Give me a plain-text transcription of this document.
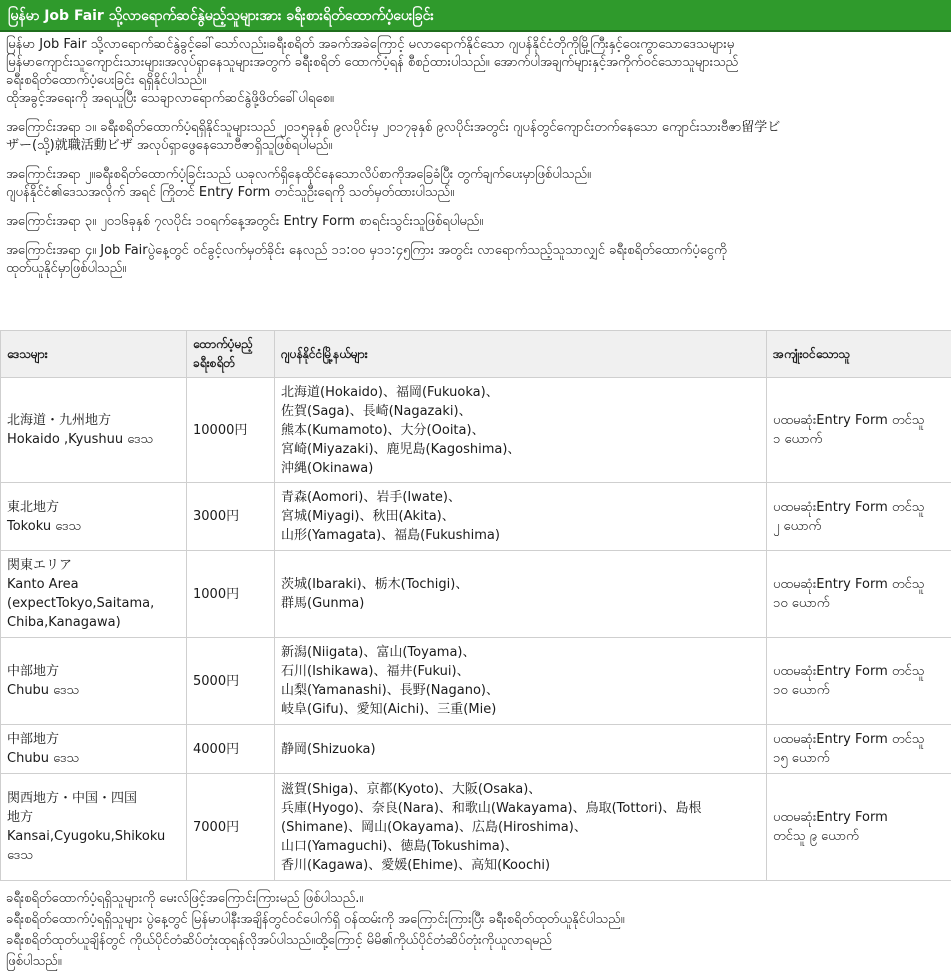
မြန်မာ Job Fair သို့လာရောက်ဆင်နွဲမည့်သူများအား ခရီးစားရိတ်ထောက်ပံ့ပေးခြင်း

မြန်မာ Job Fair သို့လာရောက်ဆင်နွဲခွင့်ခေါ်သော်လည်း၊ခရီးစရိတ် အခက်အခဲကြောင့် မလာရောက်နိုင်သော ဂျပန်နိုင်ငံတိုကိုမြို့ကြီးနှင့်ဝေးကွာသောဒေသများမှ
မြန်မာကျောင်းသူကျောင်းသားများ၊အလုပ်ရှာနေသူများအတွက် ခရီးစရိတ် ထောက်ပံ့ရန် စီစဉ်ထားပါသည်။ အောက်ပါအချက်များနှင့်အကိုက်ဝင်သောသူများသည်
ခရီးစရိတ်ထောက်ပံ့ပေးခြင်း ရရှိနိုင်ပါသည်။
ထိုအခွင့်အရေးကို အရယူပြီး သေချာလာရောက်ဆင်နွဲဖို့ဖိတ်ခေါ်ပါရစေ။

အကြောင်းအရာ ၁။ ခရီးစရိတ်ထောက်ပံ့ရရှိနိုင်သူများသည် ၂၀၁၅ခုနှစ် ၉လပိုင်းမှ ၂၀၁၇ခုနှစ် ၉လပိုင်းအတွင်း ဂျပန်တွင်ကျောင်းတက်နေသော ကျောင်းသားဗီဇာ留学ビ
ザー(သို့)就職活動ビザ အလုပ်ရှာဖွေနေသောဗီဇာရှိသူဖြစ်ရပါမည်။

အကြောင်းအရာ ၂။ခရီးစရိတ်ထောက်ပံ့ခြင်းသည် ယခုလက်ရှိနေထိုင်နေသောလိပ်စာကိုအခြေခံပြီး တွက်ချက်ပေးမှာဖြစ်ပါသည်။
ဂျပန်နိုင်ငံ၏ဒေသအလိုက် အရင် ကြိုတင် Entry Form တင်သူဦးရေကို သတ်မှတ်ထားပါသည်။

အကြောင်းအရာ ၃။ ၂၀၁၆ခုနှစ် ၇လပိုင်း ၁၀ရက်နေ့အတွင်း Entry Form စာရင်းသွင်းသူဖြစ်ရပါမည်။

အကြောင်းအရာ ၄။ Job Fairပွဲနေ့တွင် ဝင်ခွင့်လက်မှတ်ခိုင်း နေလည် ၁၁:၀၀ မှ၁၁:၄၅ကြား အတွင်း လာရောက်သည့်သူသာလျှင် ခရီးစရိတ်ထောက်ပံ့ငွေကို
ထုတ်ယူနိုင်မှာဖြစ်ပါသည်။

ဒေသများ	ထောက်ပံ့မည့် ခရီးစရိတ်	ဂျပန်နိုင်ငံမြို့နယ်များ	အကျုံးဝင်သောသူ

北海道・九州地方
Hokaido ,Kyushuu ဒေသ	10000円	北海道(Hokaido)、福岡(Fukuoka)、
佐賀(Saga)、長崎(Nagazaki)、
熊本(Kumamoto)、大分(Ooita)、
宮崎(Miyazaki)、鹿児島(Kagoshima)、
沖縄(Okinawa)	ပထမဆုံးEntry Form တင်သူ
၁ ယောက်

東北地方
Tokoku ဒေသ	3000円	青森(Aomori)、岩手(Iwate)、
宮城(Miyagi)、秋田(Akita)、
山形(Yamagata)、福島(Fukushima)	ပထမဆုံးEntry Form တင်သူ
၂ ယောက်

関東エリア
Kanto Area
(expectTokyo,Saitama,
Chiba,Kanagawa)	1000円	茨城(Ibaraki)、栃木(Tochigi)、
群馬(Gunma)	ပထမဆုံးEntry Form တင်သူ
၁၀ ယောက်

中部地方
Chubu ဒေသ	5000円	新潟(Niigata)、富山(Toyama)、
石川(Ishikawa)、福井(Fukui)、
山梨(Yamanashi)、長野(Nagano)、
岐阜(Gifu)、愛知(Aichi)、三重(Mie)	ပထမဆုံးEntry Form တင်သူ
၁၀ ယောက်

中部地方
Chubu ဒေသ	4000円	静岡(Shizuoka)	ပထမဆုံးEntry Form တင်သူ
၁၅ ယောက်

関西地方・中国・四国
地方
Kansai,Cyugoku,Shikoku
ဒေသ	7000円	滋賀(Shiga)、京都(Kyoto)、大阪(Osaka)、
兵庫(Hyogo)、奈良(Nara)、和歌山(Wakayama)、鳥取(Tottori)、島根
(Shimane)、岡山(Okayama)、広島(Hiroshima)、
山口(Yamaguchi)、徳島(Tokushima)、
香川(Kagawa)、愛媛(Ehime)、高知(Koochi)	ပထမဆုံးEntry Form
တင်သူ ၉ ယောက်
ခရီးစရိတ်ထောက်ပံ့ရရှိသူများကို မေးလ်ဖြင့်အကြောင်းကြားမည် ဖြစ်ပါသည်.။
ခရီးစရိတ်ထောက်ပံ့ရရှိသူများ ပွဲနေ့တွင် မြန်မာပါနီးအချိန်တွင်ဝင်ပေါက်ရှိ ဝန်ထမ်းကို အကြောင်းကြားပြီး ခရီးစရိတ်ထုတ်ယူနိုင်ပါသည်။
ခရီးစရိတ်ထုတ်ယူချိန်တွင် ကိုယ်ပိုင်တံဆိပ်တုံးထုရန်လိုအပ်ပါသည်။ထို့ကြောင့် မိမိ၏ကိုယ်ပိုင်တံဆိပ်တုံးကိုယူလာရမည်
ဖြစ်ပါသည်။
